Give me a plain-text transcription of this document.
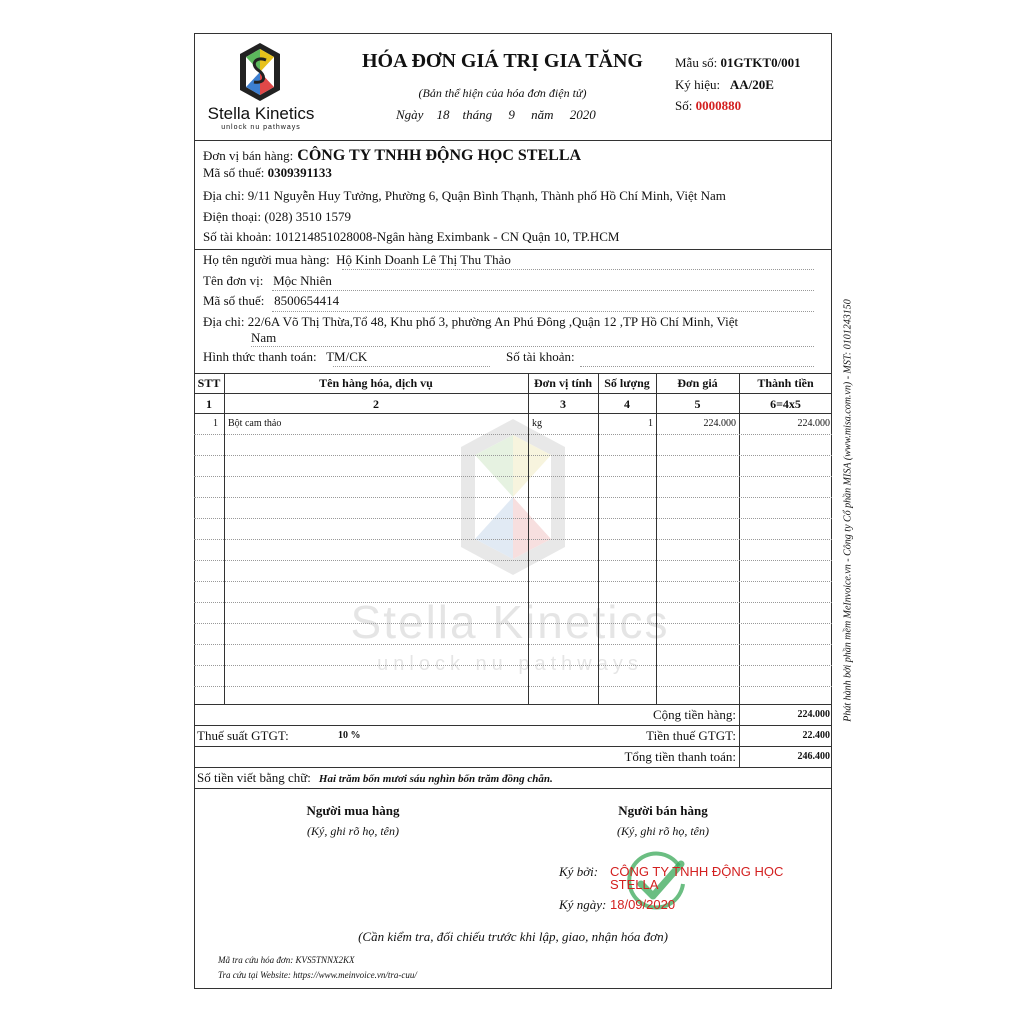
Stella Kinetics
unlock nu pathways
Stella Kinetics
unlock nu pathways
HÓA ĐƠN GIÁ TRỊ GIA TĂNG
(Bản thể hiện của hóa đơn điện tử)
Ngày 18 tháng 9 năm 2020
Mẫu số: 01GTKT0/001
Ký hiệu: AA/20E
Số: 0000880
Đơn vị bán hàng: CÔNG TY TNHH ĐỘNG HỌC STELLA
Mã số thuế: 0309391133
Địa chỉ: 9/11 Nguyễn Huy Tưởng, Phường 6, Quận Bình Thạnh, Thành phố Hồ Chí Minh, Việt Nam
Điện thoại: (028) 3510 1579
Số tài khoản: 101214851028008-Ngân hàng Eximbank - CN Quận 10, TP.HCM
Họ tên người mua hàng: Hộ Kinh Doanh Lê Thị Thu Thảo
Tên đơn vị: Mộc Nhiên
Mã số thuế: 8500654414
Địa chỉ: 22/6A Võ Thị Thừa,Tổ 48, Khu phố 3, phường An Phú Đông ,Quận 12 ,TP Hồ Chí Minh, Việt
Nam
Hình thức thanh toán: TM/CK	Số tài khoản:
STT	Tên hàng hóa, dịch vụ	Đơn vị tính	Số lượng	Đơn giá	Thành tiền
1	2	3	4	5	6=4x5
1 Bột cam thảo	kg	1	224.000	224.000
Cộng tiền hàng:	224.000
Thuế suất GTGT:	10 %	Tiền thuế GTGT:	22.400
Tổng tiền thanh toán:	246.400
Số tiền viết bằng chữ: Hai trăm bốn mươi sáu nghìn bốn trăm đồng chẵn.
Người mua hàng
(Ký, ghi rõ họ, tên)
Người bán hàng
(Ký, ghi rõ họ, tên)
Ký bởi: CÔNG TY TNHH ĐỘNG HỌC
STELLA
Ký ngày: 18/09/2020
(Cần kiểm tra, đối chiếu trước khi lập, giao, nhận hóa đơn)
Mã tra cứu hóa đơn: KVS5TNNX2KX
Tra cứu tại Website: https://www.meinvoice.vn/tra-cuu/
Phát hành bởi phần mềm MeInvoice.vn - Công ty Cổ phần MISA (www.misa.com.vn) - MST: 0101243150
